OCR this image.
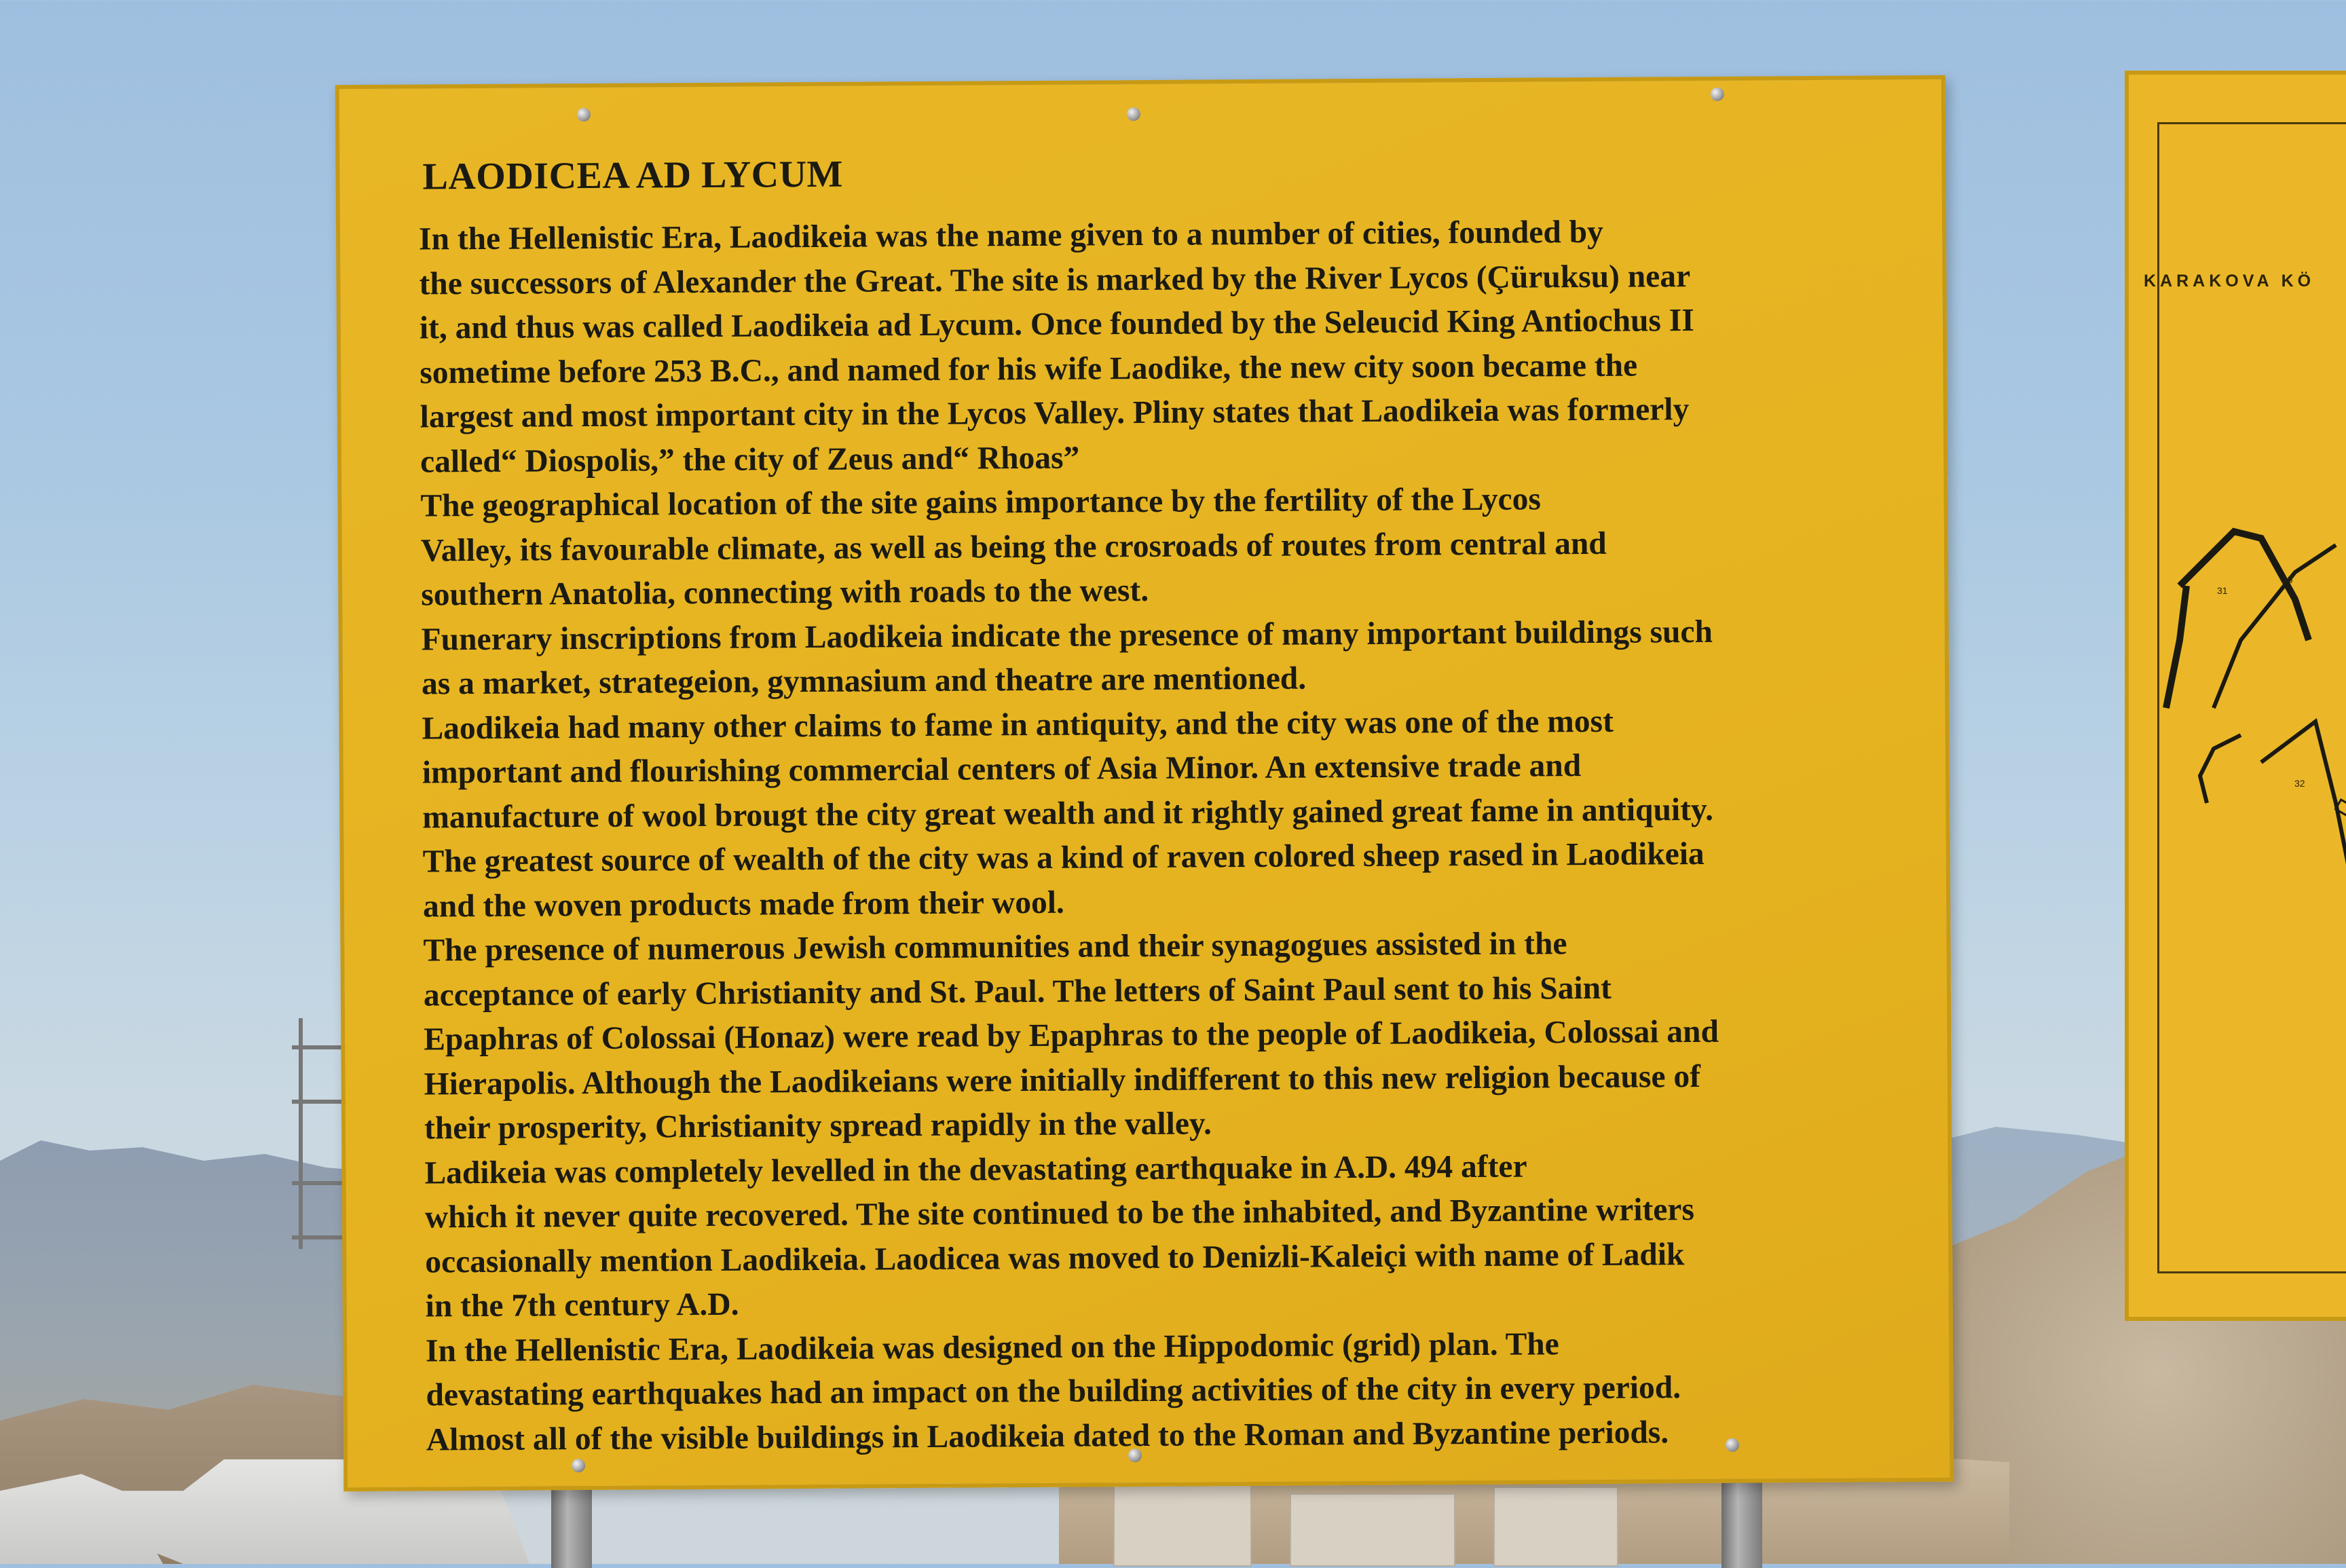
KARAKOVA KÖ
31
25
32
LAODICEA AD LYCUM
In the Hellenistic Era, Laodikeia was the name given to a number of cities, founded by
the successors of Alexander the Great. The site is marked by the River Lycos (Çüruksu) near
it, and thus was called Laodikeia ad Lycum. Once founded by the Seleucid King Antiochus II
sometime before 253 B.C., and named for his wife Laodike, the new city soon became the
largest and most important city in the Lycos Valley. Pliny states that Laodikeia was formerly
called“ Diospolis,” the city of Zeus and“ Rhoas”
The geographical location of the site gains importance by the fertility of the Lycos
Valley, its favourable climate, as well as being the crosroads of routes from central and
southern Anatolia, connecting with roads to the west.
Funerary inscriptions from Laodikeia indicate the presence of many important buildings such
as a market, strategeion, gymnasium and theatre are mentioned.
Laodikeia had many other claims to fame in antiquity, and the city was one of the most
important and flourishing commercial centers of Asia Minor. An extensive trade and
manufacture of wool brougt the city great wealth and it rightly gained great fame in antiquity.
The greatest source of wealth of the city was a kind of raven colored sheep rased in Laodikeia
and the woven products made from their wool.
The presence of numerous Jewish communities and their synagogues assisted in the
acceptance of early Christianity and St. Paul. The letters of Saint Paul sent to his Saint
Epaphras of Colossai (Honaz) were read by Epaphras to the people of Laodikeia, Colossai and
Hierapolis. Although the Laodikeians were initially indifferent to this new religion because of
their prosperity, Christianity spread rapidly in the valley.
Ladikeia was completely levelled in the devastating earthquake in A.D. 494 after
which it never quite recovered. The site continued to be the inhabited, and Byzantine writers
occasionally mention Laodikeia. Laodicea was moved to Denizli-Kaleiçi with name of Ladik
in the 7th century A.D.
In the Hellenistic Era, Laodikeia was designed on the Hippodomic (grid) plan. The
devastating earthquakes had an impact on the building activities of the city in every period.
Almost all of the visible buildings in Laodikeia dated to the Roman and Byzantine periods.
